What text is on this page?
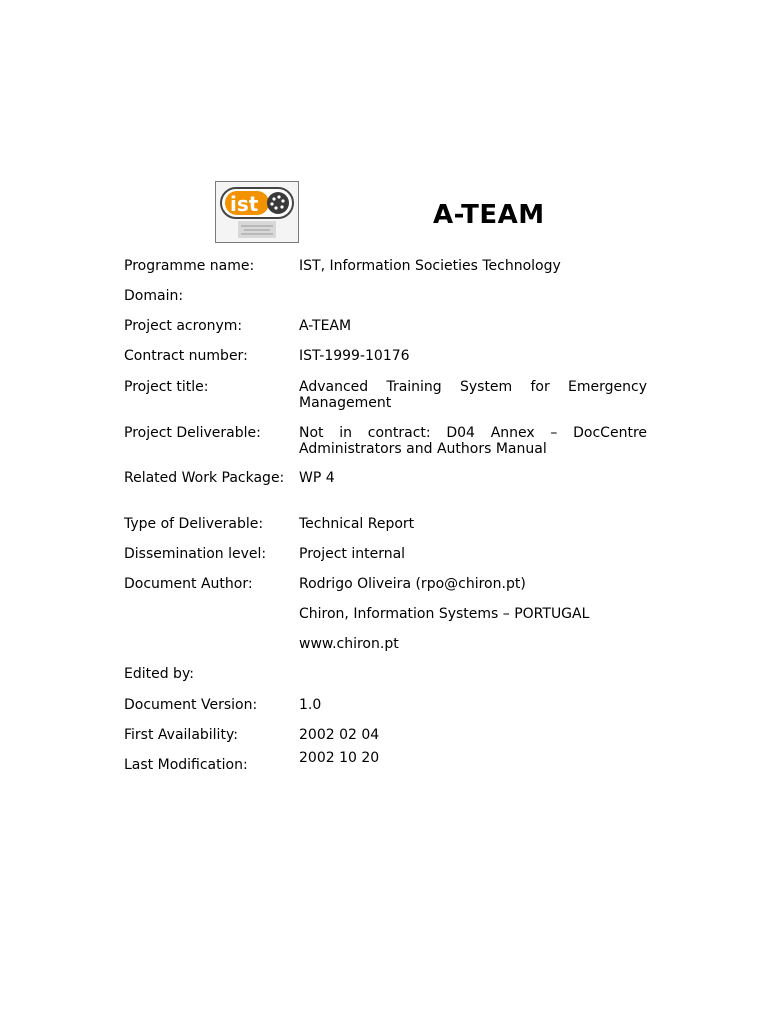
ist	A-TEAM
Programme name:	IST, Information Societies Technology
Domain:
Project acronym:	A-TEAM
Contract number:	IST-1999-10176
Project title:	Advanced Training System for Emergency Management
Project Deliverable:	Not in contract: D04 Annex – DocCentre Administrators and Authors Manual
Related Work Package: WP 4
Type of Deliverable:	Technical Report
Dissemination level:	Project internal
Document Author:	Rodrigo Oliveira (rpo@chiron.pt)
Chiron, Information Systems – PORTUGAL
www.chiron.pt
Edited by:
Document Version:	1.0
First Availability:	2002 02 04
Last Modification:	2002 10 20
